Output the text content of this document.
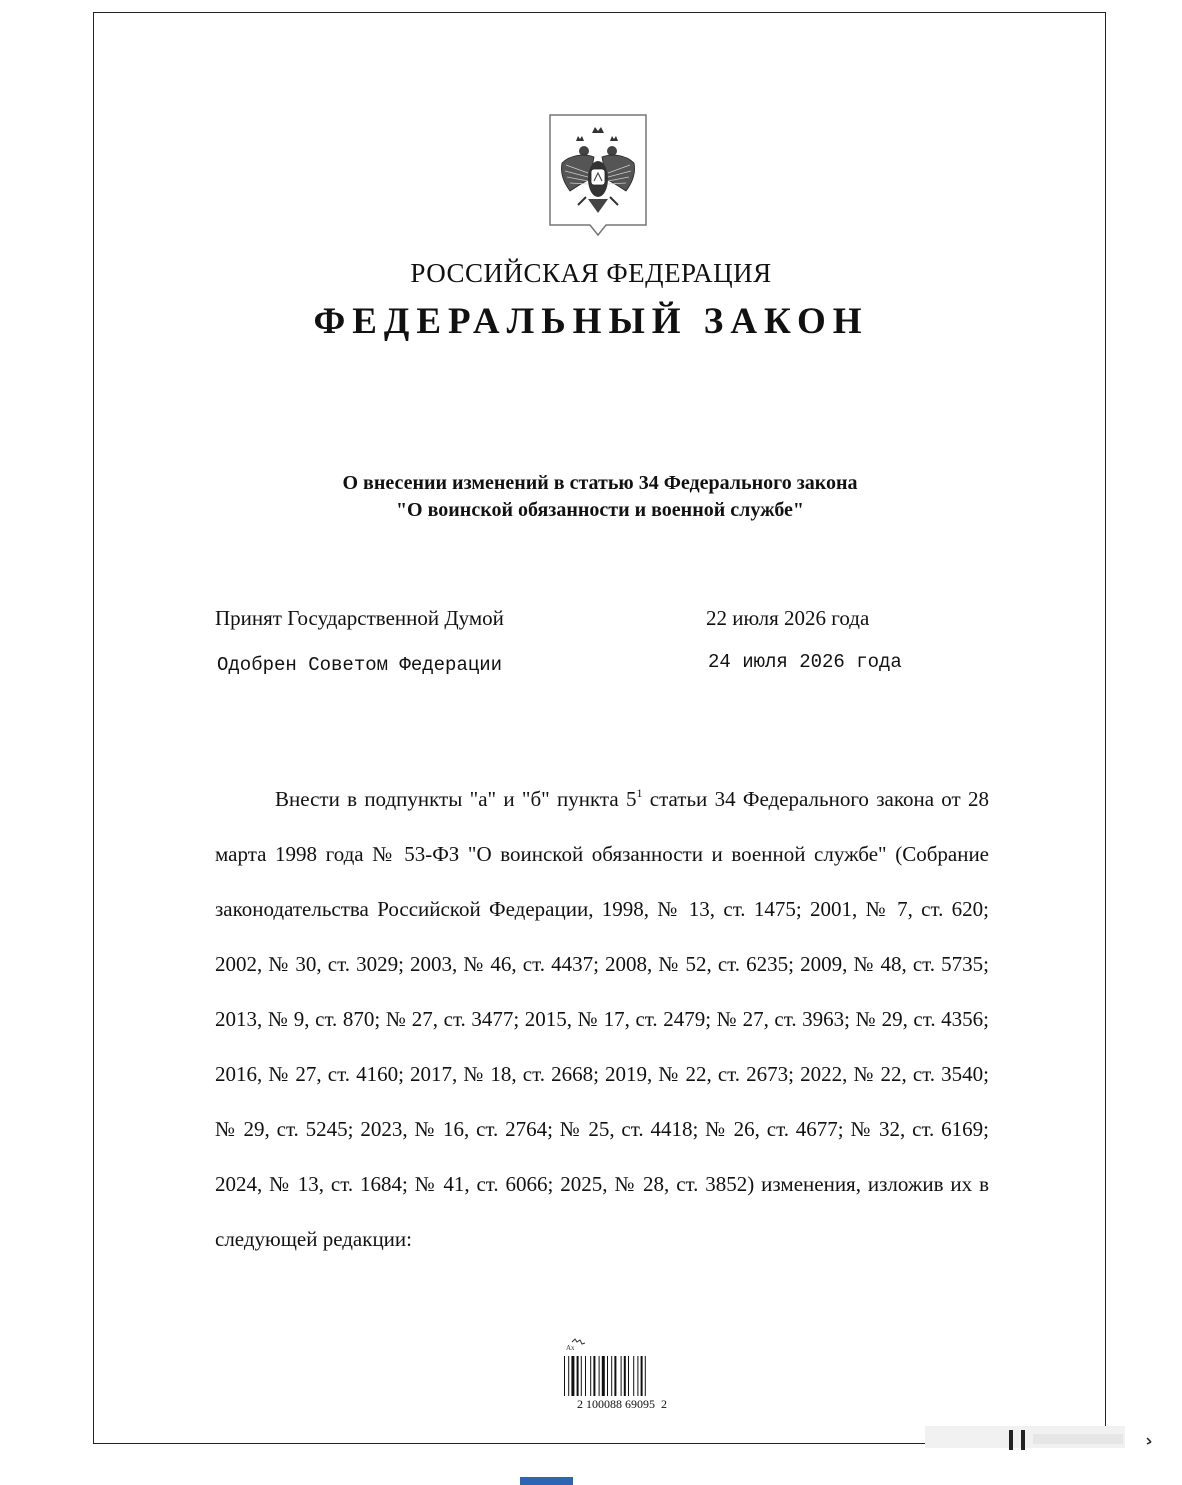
РОССИЙСКАЯ ФЕДЕРАЦИЯ
ФЕДЕРАЛЬНЫЙ ЗАКОН
О внесении изменений в статью 34 Федерального закона
"О воинской обязанности и военной службе"
Принят Государственной Думой	22 июля 2026 года
Одобрен Советом Федерации	24 июля 2026 года

Внести в подпункты "а" и "б" пункта $5^1$ статьи 34 Федерального закона от 28 марта 1998 года № 53-ФЗ "О воинской обязанности и военной службе" (Собрание законодательства Российской Федерации, 1998, № 13, ст. 1475; 2001, № 7, ст. 620; 2002, № 30, ст. 3029; 2003, № 46, ст. 4437; 2008, № 52, ст. 6235; 2009, № 48, ст. 5735; 2013, № 9, ст. 870; № 27, ст. 3477; 2015, № 17, ст. 2479; № 27, ст. 3963; № 29, ст. 4356; 2016, № 27, ст. 4160; 2017, № 18, ст. 2668; 2019, № 22, ст. 2673; 2022, № 22, ст. 3540; № 29, ст. 5245; 2023, № 16, ст. 2764; № 25, ст. 4418; № 26, ст. 4677; № 32, ст. 6169; 2024, № 13, ст. 1684; № 41, ст. 6066; 2025, № 28, ст. 3852) изменения, изложив их в следующей редакции:

Ax
2 100088 69095  2
